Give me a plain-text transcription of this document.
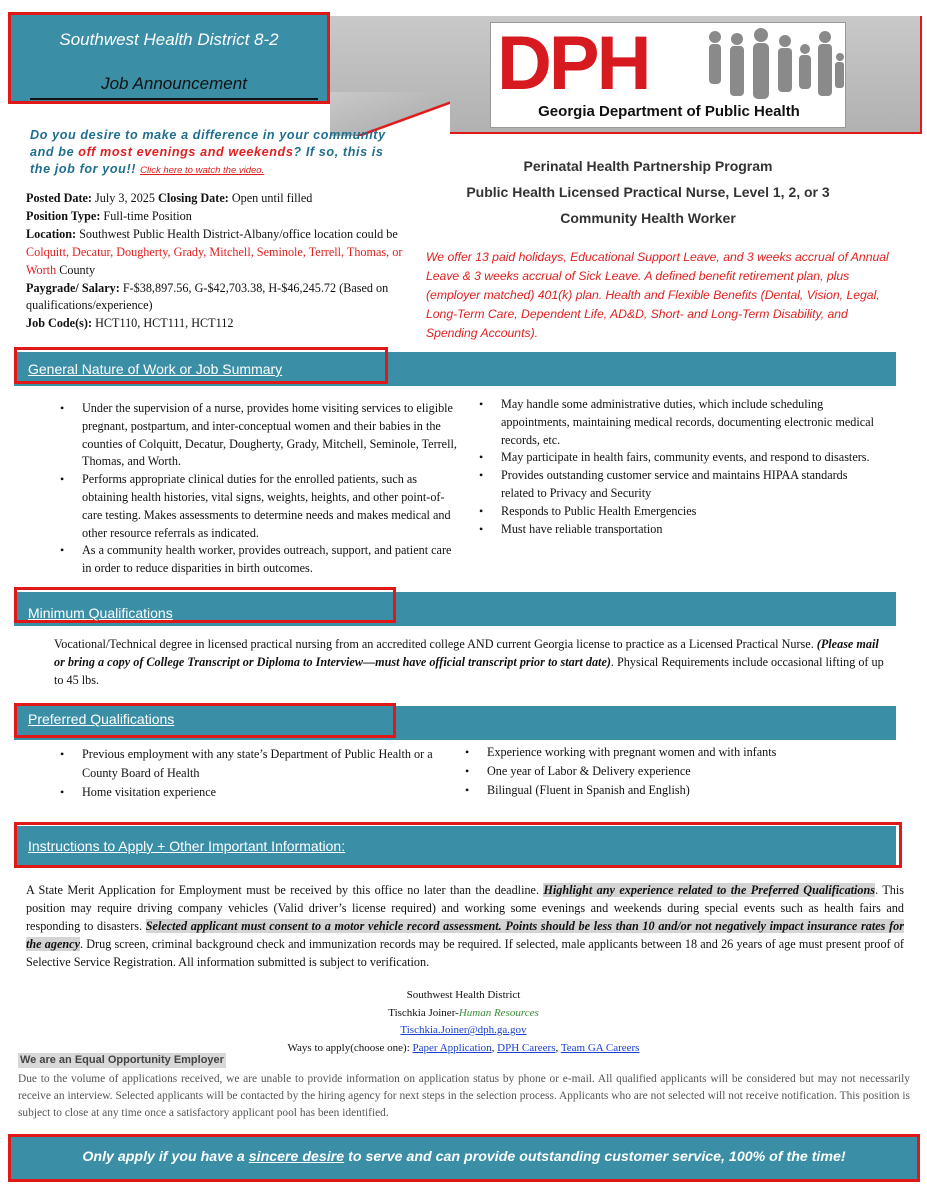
Southwest Health District 8-2
Job Announcement	DPH
Georgia Department of Public Health
Do you desire to make a difference in your community and be off most evenings and weekends? If so, this is the job for you!! Click here to watch the video.
Posted Date: July 3, 2025 Closing Date: Open until filled
Position Type: Full-time Position
Location: Southwest Public Health District-Albany/office location could be Colquitt, Decatur, Dougherty, Grady, Mitchell, Seminole, Terrell, Thomas, or Worth County
Paygrade/ Salary: F-$38,897.56, G-$42,703.38, H-$46,245.72 (Based on qualifications/experience)
Job Code(s): HCT110, HCT111, HCT112
Perinatal Health Partnership Program
Public Health Licensed Practical Nurse, Level 1, 2, or 3
Community Health Worker
We offer 13 paid holidays, Educational Support Leave, and 3 weeks accrual of Annual Leave & 3 weeks accrual of Sick Leave. A defined benefit retirement plan, plus (employer matched) 401(k) plan. Health and Flexible Benefits (Dental, Vision, Legal, Long-Term Care, Dependent Life, AD&D, Short- and Long-Term Disability, and Spending Accounts).
General Nature of Work or Job Summary
• Under the supervision of a nurse, provides home visiting services to eligible pregnant, postpartum, and inter-conceptual women and their babies in the counties of Colquitt, Decatur, Dougherty, Grady, Mitchell, Seminole, Terrell, Thomas, and Worth.
• Performs appropriate clinical duties for the enrolled patients, such as obtaining health histories, vital signs, weights, heights, and other point-of-care testing. Makes assessments to determine needs and makes medical and other resource referrals as indicated.
• As a community health worker, provides outreach, support, and patient care in order to reduce disparities in birth outcomes.
• May handle some administrative duties, which include scheduling appointments, maintaining medical records, documenting electronic medical records, etc.
• May participate in health fairs, community events, and respond to disasters.
• Provides outstanding customer service and maintains HIPAA standards related to Privacy and Security
• Responds to Public Health Emergencies
• Must have reliable transportation
Minimum Qualifications
Vocational/Technical degree in licensed practical nursing from an accredited college AND current Georgia license to practice as a Licensed Practical Nurse. (Please mail or bring a copy of College Transcript or Diploma to Interview—must have official transcript prior to start date). Physical Requirements include occasional lifting of up to 45 lbs.
Preferred Qualifications
• Previous employment with any state’s Department of Public Health or a County Board of Health
• Home visitation experience
• Experience working with pregnant women and with infants
• One year of Labor & Delivery experience
• Bilingual (Fluent in Spanish and English)
Instructions to Apply + Other Important Information:
A State Merit Application for Employment must be received by this office no later than the deadline. Highlight any experience related to the Preferred Qualifications. This position may require driving company vehicles (Valid driver’s license required) and working some evenings and weekends during special events such as health fairs and responding to disasters. Selected applicant must consent to a motor vehicle record assessment. Points should be less than 10 and/or not negatively impact insurance rates for the agency. Drug screen, criminal background check and immunization records may be required. If selected, male applicants between 18 and 26 years of age must present proof of Selective Service Registration. All information submitted is subject to verification.
Southwest Health District
Tischkia Joiner-Human Resources
Tischkia.Joiner@dph.ga.gov
Ways to apply(choose one): Paper Application, DPH Careers, Team GA Careers
We are an Equal Opportunity Employer
Due to the volume of applications received, we are unable to provide information on application status by phone or e-mail. All qualified applicants will be considered but may not necessarily receive an interview. Selected applicants will be contacted by the hiring agency for next steps in the selection process. Applicants who are not selected will not receive notification. This position is subject to close at any time once a satisfactory applicant pool has been identified.
Only apply if you have a sincere desire to serve and can provide outstanding customer service, 100% of the time!
